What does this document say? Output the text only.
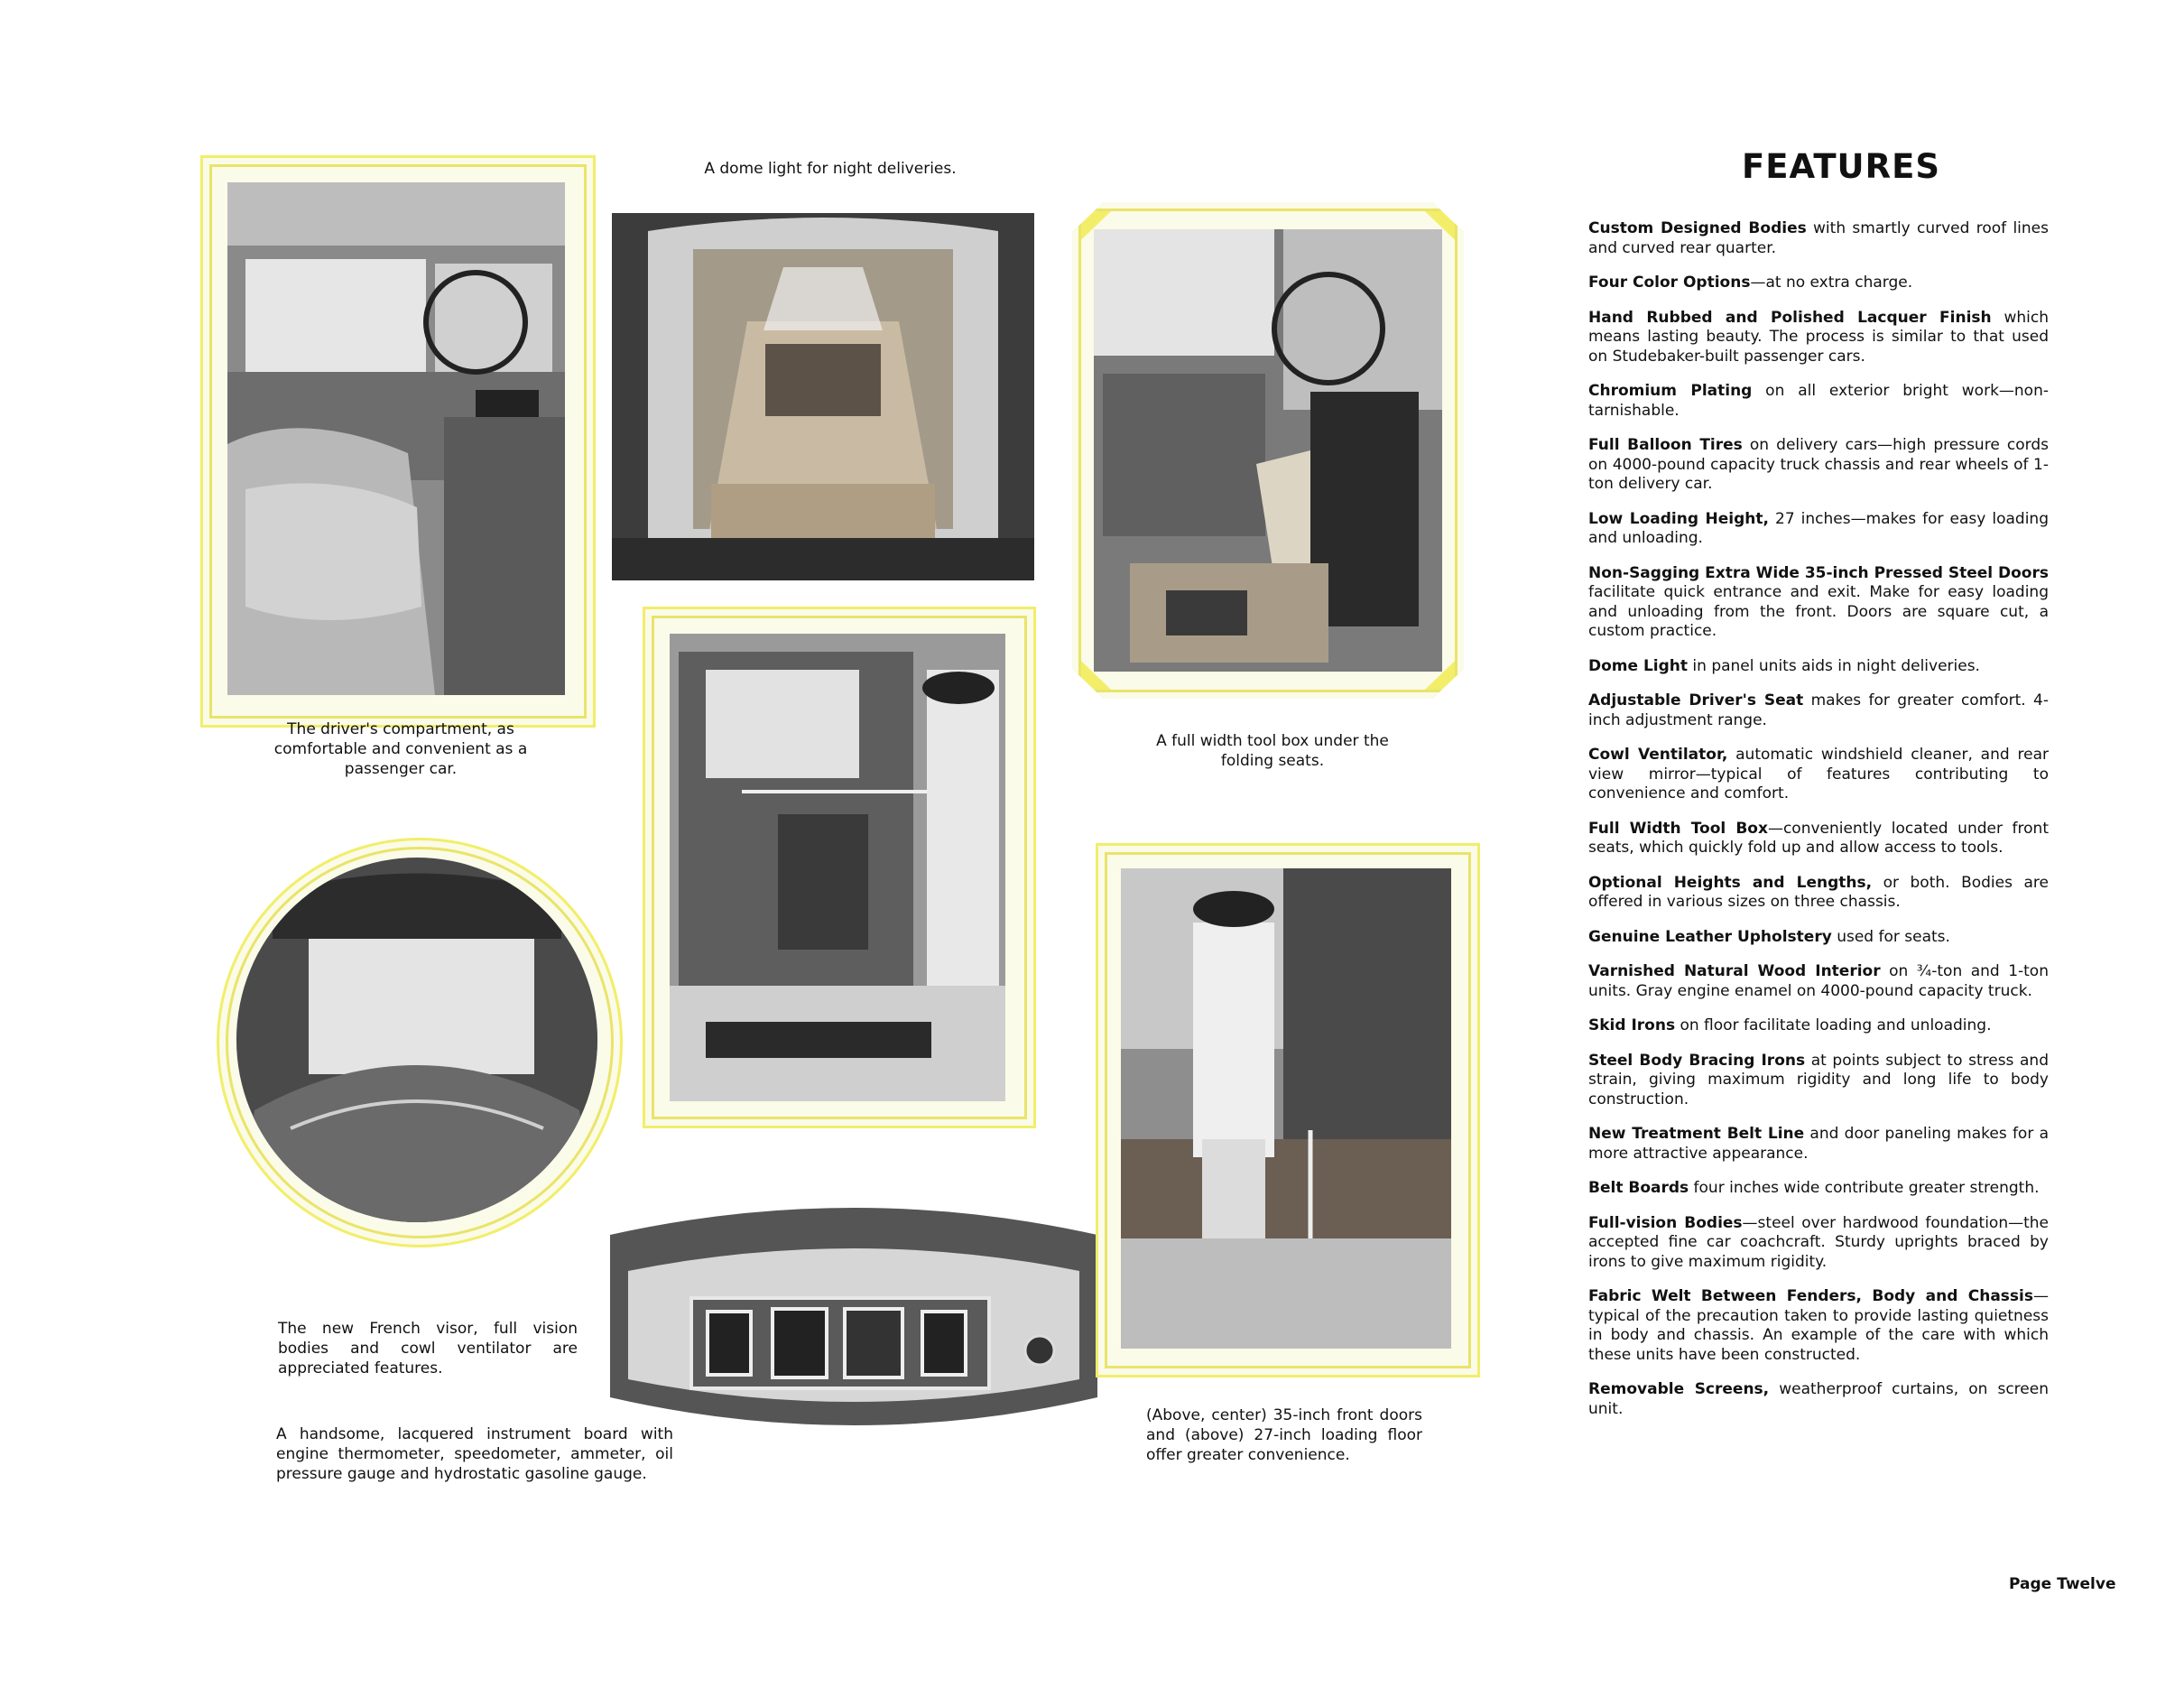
A dome light for night deliveries.
The new French visor, full vision bodies and cowl ventilator are appreciated features.
A handsome, lacquered instrument board with engine thermometer, speedometer, ammeter, oil pressure gauge and hydrostatic gasoline gauge.
The driver's compartment, as comfortable and convenient as a passenger car.
A full width tool box under the folding seats.
(Above, center) 35-inch front doors and (above) 27-inch loading floor offer greater convenience.
FEATURES

Custom Designed Bodies with smartly curved roof lines and curved rear quarter.

Four Color Options—at no extra charge.

Hand Rubbed and Polished Lacquer Finish which means lasting beauty. The process is similar to that used on Studebaker-built passenger cars.

Chromium Plating on all exterior bright work—non-tarnishable.

Full Balloon Tires on delivery cars—high pressure cords on 4000-pound capacity truck chassis and rear wheels of 1-ton delivery car.

Low Loading Height, 27 inches—makes for easy loading and unloading.

Non-Sagging Extra Wide 35-inch Pressed Steel Doors facilitate quick entrance and exit. Make for easy loading and unloading from the front. Doors are square cut, a custom practice.

Dome Light in panel units aids in night deliveries.

Adjustable Driver's Seat makes for greater comfort. 4-inch adjustment range.

Cowl Ventilator, automatic windshield cleaner, and rear view mirror—typical of features contributing to convenience and comfort.

Full Width Tool Box—conveniently located under front seats, which quickly fold up and allow access to tools.

Optional Heights and Lengths, or both. Bodies are offered in various sizes on three chassis.

Genuine Leather Upholstery used for seats.

Varnished Natural Wood Interior on ¾-ton and 1-ton units. Gray engine enamel on 4000-pound capacity truck.

Skid Irons on floor facilitate loading and unloading.

Steel Body Bracing Irons at points subject to stress and strain, giving maximum rigidity and long life to body construction.

New Treatment Belt Line and door paneling makes for a more attractive appearance.

Belt Boards four inches wide contribute greater strength.

Full-vision Bodies—steel over hardwood foundation—the accepted fine car coachcraft. Sturdy uprights braced by irons to give maximum rigidity.

Fabric Welt Between Fenders, Body and Chassis—typical of the precaution taken to provide lasting quietness in body and chassis. An example of the care with which these units have been constructed.

Removable Screens, weatherproof curtains, on screen unit.

Page Twelve
